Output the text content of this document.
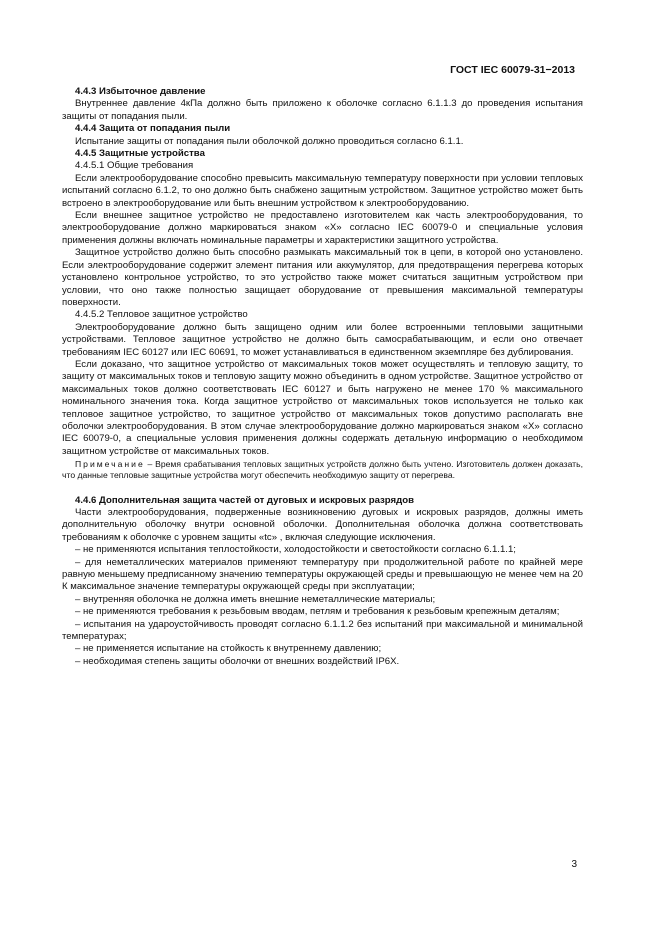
ГОСТ IEC 60079-31−2013

4.4.3 Избыточное давление

Внутреннее давление 4кПа должно быть приложено к оболочке согласно 6.1.1.3 до проведения испытания защиты от попадания пыли.

4.4.4 Защита от попадания пыли

Испытание защиты от попадания пыли оболочкой должно проводиться согласно 6.1.1.

4.4.5 Защитные устройства

4.4.5.1 Общие требования

Если электрооборудование способно превысить максимальную температуру поверхности при условии тепловых испытаний согласно 6.1.2, то оно должно быть снабжено защитным устройством. Защитное устройство может быть встроено в электрооборудование или быть внешним устройством к электрооборудованию.

Если внешнее защитное устройство не предоставлено изготовителем как часть электрооборудования, то электрооборудование должно маркироваться знаком «X» согласно IEC 60079-0 и специальные условия применения должны включать номинальные параметры и характеристики защитного устройства.

Защитное устройство должно быть способно размыкать максимальный ток в цепи, в которой оно установлено. Если электрооборудование содержит элемент питания или аккумулятор, для предотвращения перегрева которых установлено контрольное устройство, то это устройство также может считаться защитным устройством при условии, что оно также полностью защищает оборудование от превышения максимальной температуры поверхности.

4.4.5.2 Тепловое защитное устройство

Электрооборудование должно быть защищено одним или более встроенными тепловыми защитными устройствами. Тепловое защитное устройство не должно быть самосрабатывающим, и если оно отвечает требованиям IEC 60127 или IEC 60691, то может устанавливаться в единственном экземпляре без дублирования.

Если доказано, что защитное устройство от максимальных токов может осуществлять и тепловую защиту, то защиту от максимальных токов и тепловую защиту можно объединить в одном устройстве. Защитное устройство от максимальных токов должно соответствовать IEC 60127 и быть нагружено не менее 170 % максимального номинального значения тока. Когда защитное устройство от максимальных токов используется не только как тепловое защитное устройство, то защитное устройство от максимальных токов допустимо располагать вне оболочки электрооборудования. В этом случае электрооборудование должно маркироваться знаком «X» согласно IEC 60079-0, а специальные условия применения должны содержать детальную информацию о необходимом защитном устройстве от максимальных токов.

Примечание – Время срабатывания тепловых защитных устройств должно быть учтено. Изготовитель должен доказать, что данные тепловые защитные устройства могут обеспечить необходимую защиту от перегрева.

4.4.6 Дополнительная защита частей от дуговых и искровых разрядов

Части электрооборудования, подверженные возникновению дуговых и искровых разрядов, должны иметь дополнительную оболочку внутри основной оболочки. Дополнительная оболочка должна соответствовать требованиям к оболочке с уровнем защиты «tc» , включая следующие исключения.

– не применяются испытания теплостойкости, холодостойкости и светостойкости согласно 6.1.1.1;

– для неметаллических материалов применяют температуру при продолжительной работе по крайней мере равную меньшему предписанному значению температуры окружающей среды и превышающую не менее чем на 20 К максимальное значение температуры окружающей среды при эксплуатации;

– внутренняя оболочка не должна иметь внешние неметаллические материалы;

– не применяются требования к резьбовым вводам, петлям и требования к резьбовым крепежным деталям;

– испытания на удароустойчивость проводят согласно 6.1.1.2 без испытаний при максимальной и минимальной температурах;

– не применяется испытание на стойкость к внутреннему давлению;

– необходимая степень защиты оболочки от внешних воздействий IP6X.

3
